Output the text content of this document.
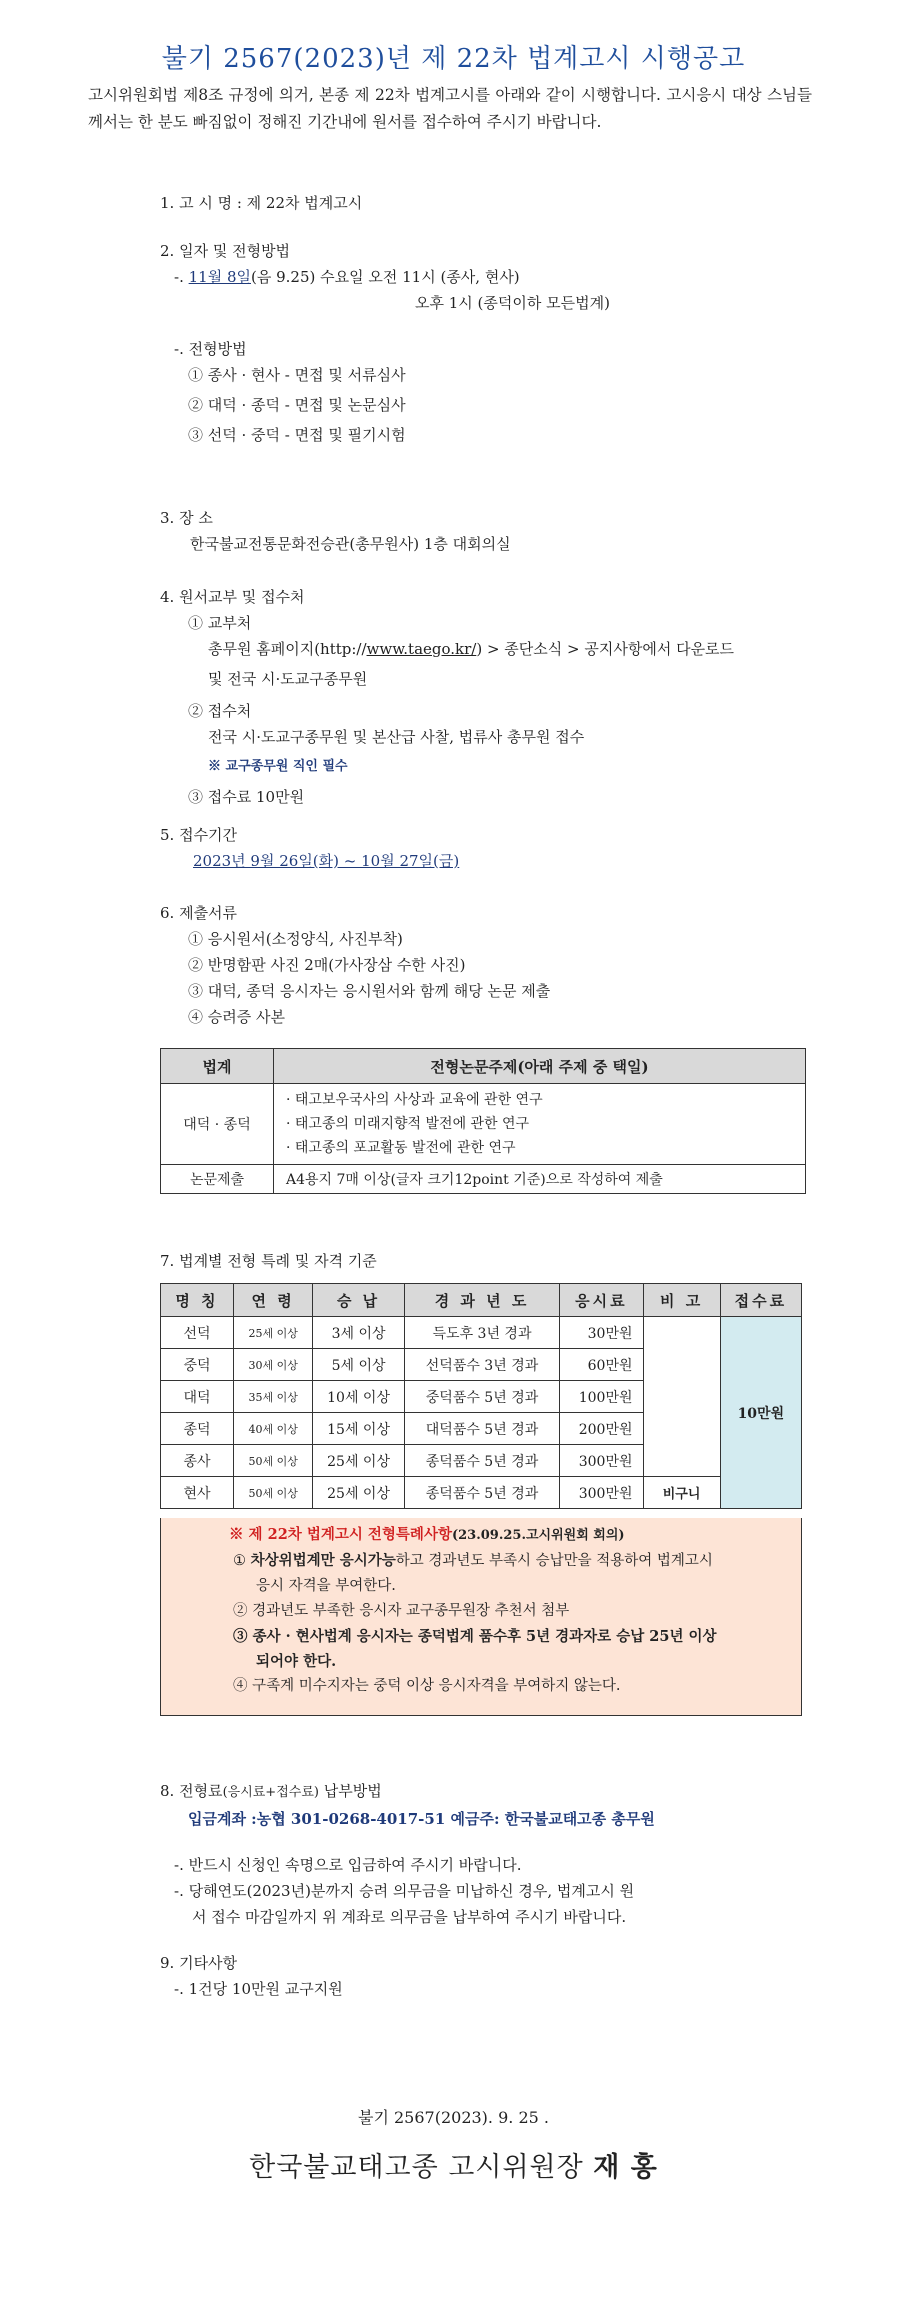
불기 2567(2023)년 제 22차 법계고시 시행공고
고시위원회법 제8조 규정에 의거, 본종 제 22차 법계고시를 아래와 같이 시행합니다. 고시응시 대상 스님들께서는 한 분도 빠짐없이 정해진 기간내에 원서를 접수하여 주시기 바랍니다.
1. 고 시 명 : 제 22차 법계고시
2. 일자 및 전형방법
-. 11월 8일(음 9.25) 수요일 오전 11시 (종사, 현사)
오후 1시 (종덕이하 모든법계)
-. 전형방법
① 종사 · 현사 - 면접 및 서류심사
② 대덕 · 종덕 - 면접 및 논문심사
③ 선덕 · 중덕 - 면접 및 필기시험
3. 장 소
한국불교전통문화전승관(총무원사) 1층 대회의실
4. 원서교부 및 접수처
① 교부처
총무원 홈페이지(http://www.taego.kr/) > 종단소식 > 공지사항에서 다운로드
및 전국 시·도교구종무원
② 접수처
전국 시·도교구종무원 및 본산급 사찰, 법류사 총무원 접수
※ 교구종무원 직인 필수
③ 접수료 10만원
5. 접수기간
2023년 9월 26일(화) ~ 10월 27일(금)
6. 제출서류
① 응시원서(소정양식, 사진부착)
② 반명함판 사진 2매(가사장삼 수한 사진)
③ 대덕, 종덕 응시자는 응시원서와 함께 해당 논문 제출
④ 승려증 사본
법계	전형논문주제(아래 주제 중 택일)
대덕 · 종덕	· 태고보우국사의 사상과 교육에 관한 연구
· 태고종의 미래지향적 발전에 관한 연구
· 태고종의 포교활동 발전에 관한 연구

논문제출	A4용지 7매 이상(글자 크기12point 기준)으로 작성하여 제출
7. 법계별 전형 특례 및 자격 기준
명 칭	연 령	승 납	경 과 년 도	응시료	비 고	접수료
선덕	25세 이상	3세 이상	득도후 3년 경과	30만원		10만원
중덕	30세 이상	5세 이상	선덕품수 3년 경과	60만원		
대덕	35세 이상	10세 이상	중덕품수 5년 경과	100만원		
종덕	40세 이상	15세 이상	대덕품수 5년 경과	200만원		
종사	50세 이상	25세 이상	종덕품수 5년 경과	300만원		
현사	50세 이상	25세 이상	종덕품수 5년 경과	300만원	비구니	
※ 제 22차 법계고시 전형특례사항(23.09.25.고시위원회 회의)
① 차상위법계만 응시가능하고 경과년도 부족시 승납만을 적용하여 법계고시
응시 자격을 부여한다.
② 경과년도 부족한 응시자 교구종무원장 추천서 첨부
③ 종사 · 현사법계 응시자는 종덕법계 품수후 5년 경과자로 승납 25년 이상
되어야 한다.
④ 구족계 미수지자는 중덕 이상 응시자격을 부여하지 않는다.
8. 전형료(응시료+접수료) 납부방법
입금계좌 :농협 301-0268-4017-51 예금주: 한국불교태고종 총무원
-. 반드시 신청인 속명으로 입금하여 주시기 바랍니다.
-. 당해연도(2023년)분까지 승려 의무금을 미납하신 경우, 법계고시 원
서 접수 마감일까지 위 계좌로 의무금을 납부하여 주시기 바랍니다.
9. 기타사항
-. 1건당 10만원 교구지원
불기 2567(2023). 9. 25 .
한국불교태고종 고시위원장 재 홍
